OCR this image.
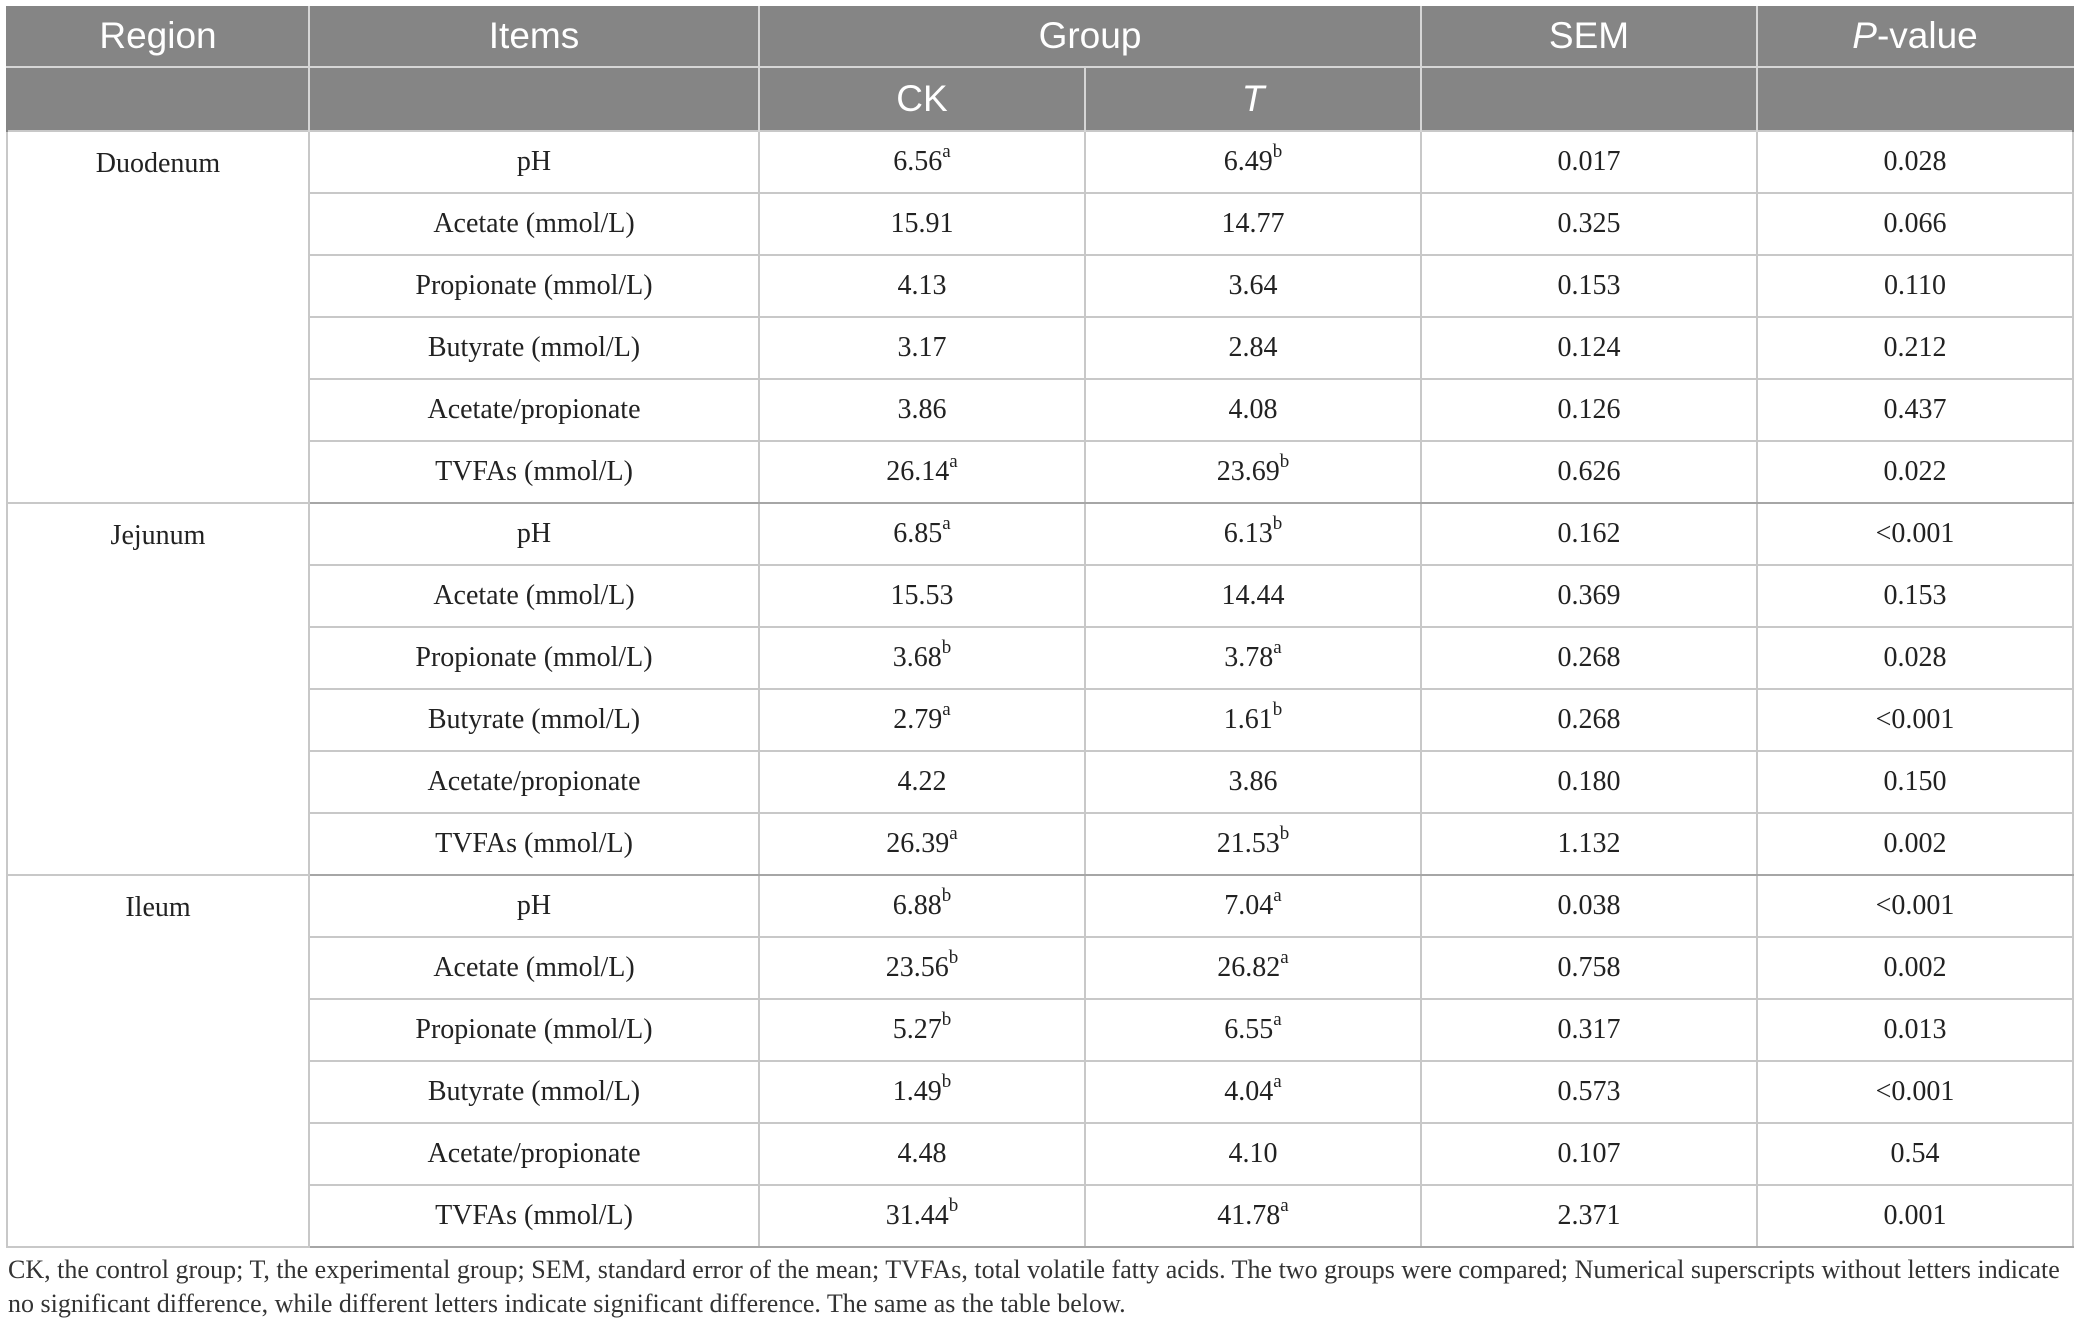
Region	Items	Group		SEM	P-value
		CK	T		
Duodenum	pH	6.56$^a$	6.49$^b$	0.017	0.028
	Acetate (mmol/L)	15.91	14.77	0.325	0.066
	Propionate (mmol/L)	4.13	3.64	0.153	0.110
	Butyrate (mmol/L)	3.17	2.84	0.124	0.212
	Acetate/propionate	3.86	4.08	0.126	0.437
	TVFAs (mmol/L)	26.14$^a$	23.69$^b$	0.626	0.022
Jejunum	pH	6.85$^a$	6.13$^b$	0.162	<0.001
	Acetate (mmol/L)	15.53	14.44	0.369	0.153
	Propionate (mmol/L)	3.68$^b$	3.78$^a$	0.268	0.028
	Butyrate (mmol/L)	2.79$^a$	1.61$^b$	0.268	<0.001
	Acetate/propionate	4.22	3.86	0.180	0.150
	TVFAs (mmol/L)	26.39$^a$	21.53$^b$	1.132	0.002
Ileum	pH	6.88$^b$	7.04$^a$	0.038	<0.001
	Acetate (mmol/L)	23.56$^b$	26.82$^a$	0.758	0.002
	Propionate (mmol/L)	5.27$^b$	6.55$^a$	0.317	0.013
	Butyrate (mmol/L)	1.49$^b$	4.04$^a$	0.573	<0.001
	Acetate/propionate	4.48	4.10	0.107	0.54
	TVFAs (mmol/L)	31.44$^b$	41.78$^a$	2.371	0.001
CK, the control group; T, the experimental group; SEM, standard error of the mean; TVFAs, total volatile fatty acids. The two groups were compared; Numerical superscripts without letters indicate no significant difference, while different letters indicate significant difference. The same as the table below.
